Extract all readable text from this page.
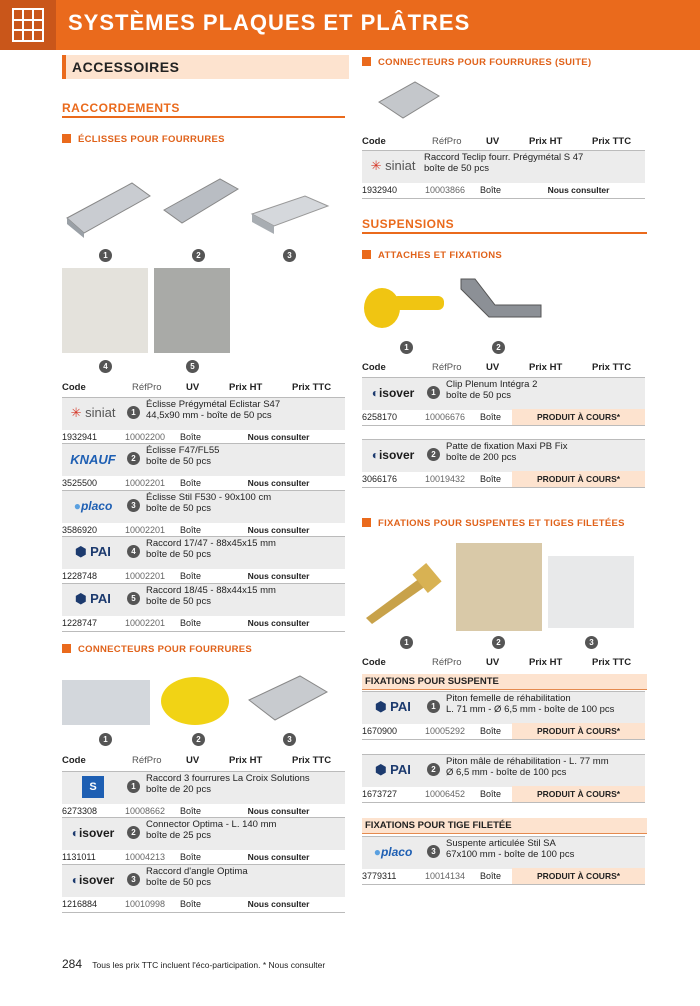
SYSTÈMES PLAQUES ET PLÂTRES
ACCESSOIRES
RACCORDEMENTS
ÉCLISSES POUR FOURRURES
1	2	3
4	5
CONNECTEURS POUR FOURRURES
1	2	3
CONNECTEURS POUR FOURRURES (SUITE)
SUSPENSIONS
ATTACHES ET FIXATIONS
1	2
FIXATIONS POUR SUSPENTES ET TIGES FILETÉES
1	2	3
FIXATIONS POUR SUSPENTE
FIXATIONS POUR TIGE FILETÉE
284 Tous les prix TTC incluent l'éco-participation. * Nous consulter
Code	RéfPro	UV	Prix HT	Prix TTC
✳ siniat	1
Éclisse Prégymétal Eclistar S47
44,5x90 mm - boîte de 50 pcs
1932941	10002200 Boîte	Nous consulter
KNAUF	2
Éclisse F47/FL55
boîte de 50 pcs
3525500	10002201 Boîte	Nous consulter
●placo	3
Éclisse Stil F530 - 90x100 cm
boîte de 50 pcs
3586920	10002201 Boîte	Nous consulter
⬢ PAI	4
Raccord 17/47 - 88x45x15 mm
boîte de 50 pcs
1228748	10002201 Boîte	Nous consulter
⬢ PAI	5
Raccord 18/45 - 88x44x15 mm
boîte de 50 pcs
1228747	10002201 Boîte	Nous consulter
Code	RéfPro	UV	Prix HT	Prix TTC
S	1
Raccord 3 fourrures La Croix Solutions
boîte de 20 pcs
6273308	10008662 Boîte	Nous consulter
◐isover	2
Connector Optima - L. 140 mm
boîte de 25 pcs
1131011	10004213 Boîte	Nous consulter
◐isover	3
Raccord d'angle Optima
boîte de 50 pcs
1216884	10010998 Boîte	Nous consulter
Code	RéfPro	UV	Prix HT	Prix TTC
✳ siniat
Raccord Teclip fourr. Prégymétal S 47
boîte de 50 pcs
1932940	10003866 Boîte	Nous consulter
Code	RéfPro	UV	Prix HT	Prix TTC
◐isover	1
Clip Plenum Intégra 2
boîte de 50 pcs
6258170	10006676 Boîte	PRODUIT À COURS*
◐isover	2
Patte de fixation Maxi PB Fix
boîte de 200 pcs
3066176	10019432 Boîte	PRODUIT À COURS*
Code	RéfPro	UV	Prix HT	Prix TTC
⬢ PAI	1
Piton femelle de réhabilitation
L. 71 mm - Ø 6,5 mm - boîte de 100 pcs
1670900	10005292 Boîte	PRODUIT À COURS*
⬢ PAI	2
Piton mâle de réhabilitation - L. 77 mm
Ø 6,5 mm - boîte de 100 pcs
1673727	10006452 Boîte	PRODUIT À COURS*
●placo	3
Suspente articulée Stil SA
67x100 mm - boîte de 100 pcs
3779311	10014134 Boîte	PRODUIT À COURS*
